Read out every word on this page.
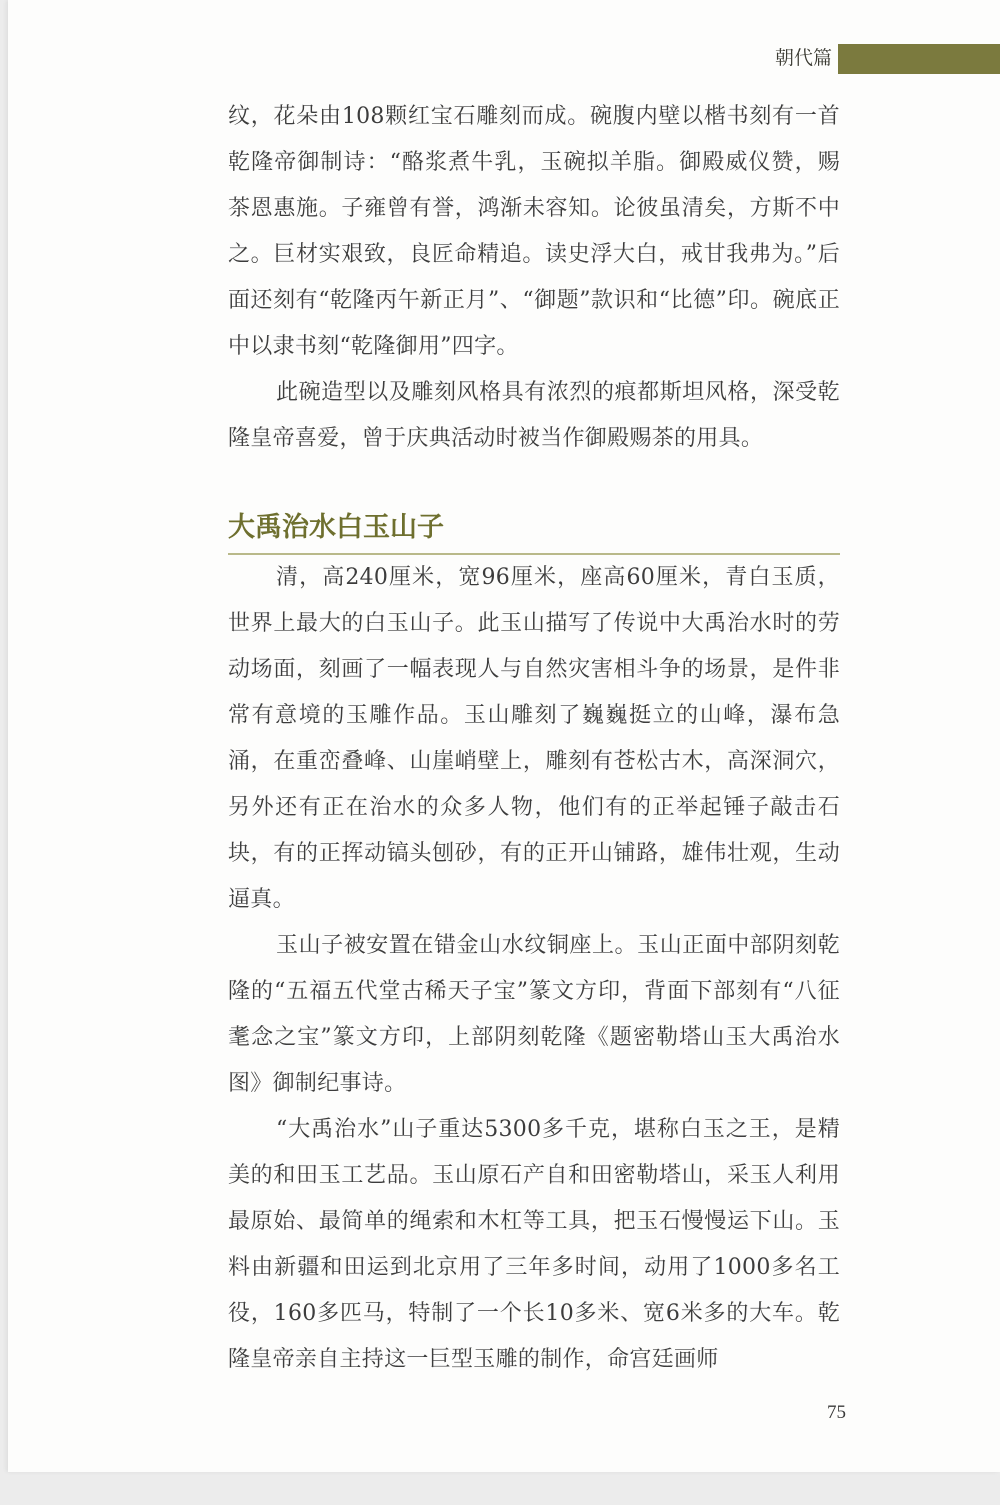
朝代篇

纹，花朵由108颗红宝石雕刻而成。碗腹内壁以楷书刻有一首乾隆帝御制诗：“酪浆煮牛乳，玉碗拟羊脂。御殿威仪赞，赐茶恩惠施。子雍曾有誉，鸿渐未容知。论彼虽清矣，方斯不中之。巨材实艰致，良匠命精追。读史浮大白，戒甘我弗为。”后面还刻有“乾隆丙午新正月”、“御题”款识和“比德”印。碗底正中以隶书刻“乾隆御用”四字。

此碗造型以及雕刻风格具有浓烈的痕都斯坦风格，深受乾隆皇帝喜爱，曾于庆典活动时被当作御殿赐茶的用具。

大禹治水白玉山子

清，高240厘米，宽96厘米，座高60厘米，青白玉质，世界上最大的白玉山子。此玉山描写了传说中大禹治水时的劳动场面，刻画了一幅表现人与自然灾害相斗争的场景，是件非常有意境的玉雕作品。玉山雕刻了巍巍挺立的山峰，瀑布急涌，在重峦叠峰、山崖峭壁上，雕刻有苍松古木，高深洞穴，另外还有正在治水的众多人物，他们有的正举起锤子敲击石块，有的正挥动镐头刨砂，有的正开山铺路，雄伟壮观，生动逼真。

玉山子被安置在错金山水纹铜座上。玉山正面中部阴刻乾隆的“五福五代堂古稀天子宝”篆文方印，背面下部刻有“八征耄念之宝”篆文方印，上部阴刻乾隆《题密勒塔山玉大禹治水图》御制纪事诗。

“大禹治水”山子重达5300多千克，堪称白玉之王，是精美的和田玉工艺品。玉山原石产自和田密勒塔山，采玉人利用最原始、最简单的绳索和木杠等工具，把玉石慢慢运下山。玉料由新疆和田运到北京用了三年多时间，动用了1000多名工役，160多匹马，特制了一个长10多米、宽6米多的大车。乾隆皇帝亲自主持这一巨型玉雕的制作，命宫廷画师

75
